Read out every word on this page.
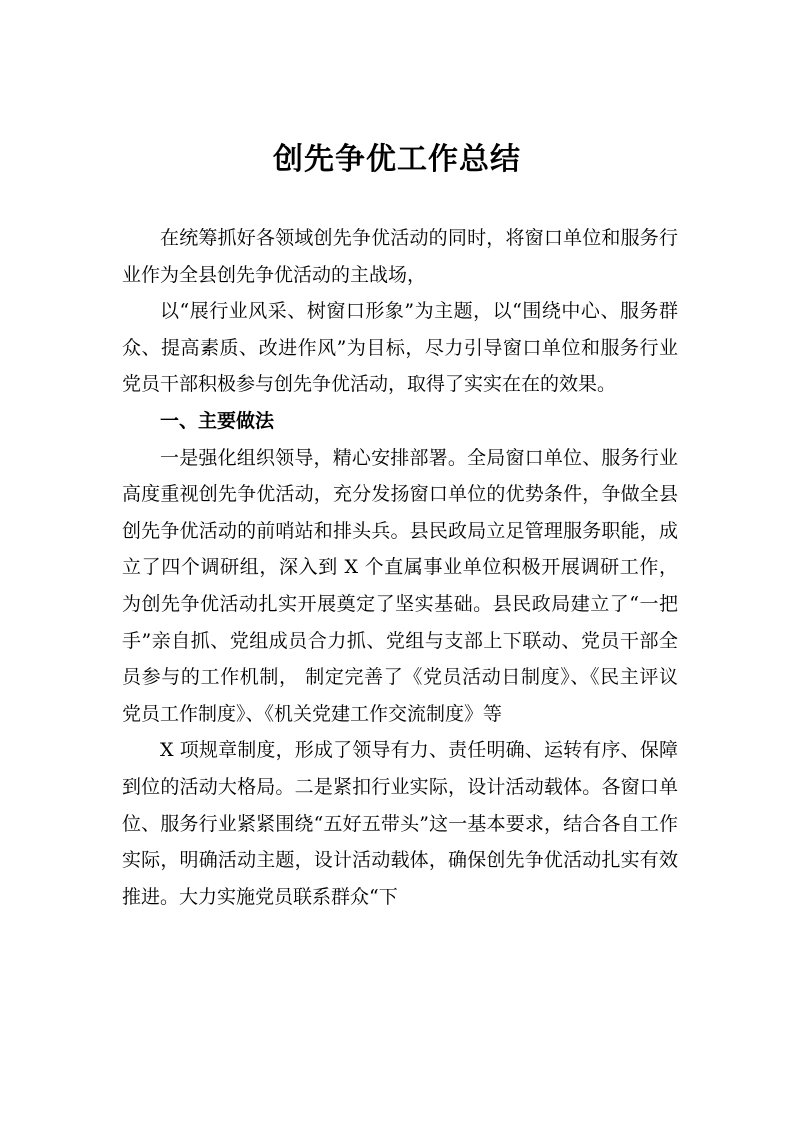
创先争优工作总结

在统筹抓好各领域创先争优活动的同时，将窗口单位和服务行业作为全县创先争优活动的主战场，

以“展行业风采、树窗口形象”为主题，以“围绕中心、服务群众、提高素质、改进作风”为目标，尽力引导窗口单位和服务行业党员干部积极参与创先争优活动，取得了实实在在的效果。

一、主要做法

一是强化组织领导，精心安排部署。全局窗口单位、服务行业高度重视创先争优活动，充分发扬窗口单位的优势条件，争做全县创先争优活动的前哨站和排头兵。县民政局立足管理服务职能，成立了四个调研组，深入到 X 个直属事业单位积极开展调研工作，为创先争优活动扎实开展奠定了坚实基础。县民政局建立了“一把手”亲自抓、党组成员合力抓、党组与支部上下联动、党员干部全员参与的工作机制， 制定完善了《党员活动日制度》、《民主评议党员工作制度》、《机关党建工作交流制度》等

X 项规章制度，形成了领导有力、责任明确、运转有序、保障到位的活动大格局。二是紧扣行业实际，设计活动载体。各窗口单位、服务行业紧紧围绕“五好五带头”这一基本要求，结合各自工作实际，明确活动主题，设计活动载体，确保创先争优活动扎实有效推进。大力实施党员联系群众“下
